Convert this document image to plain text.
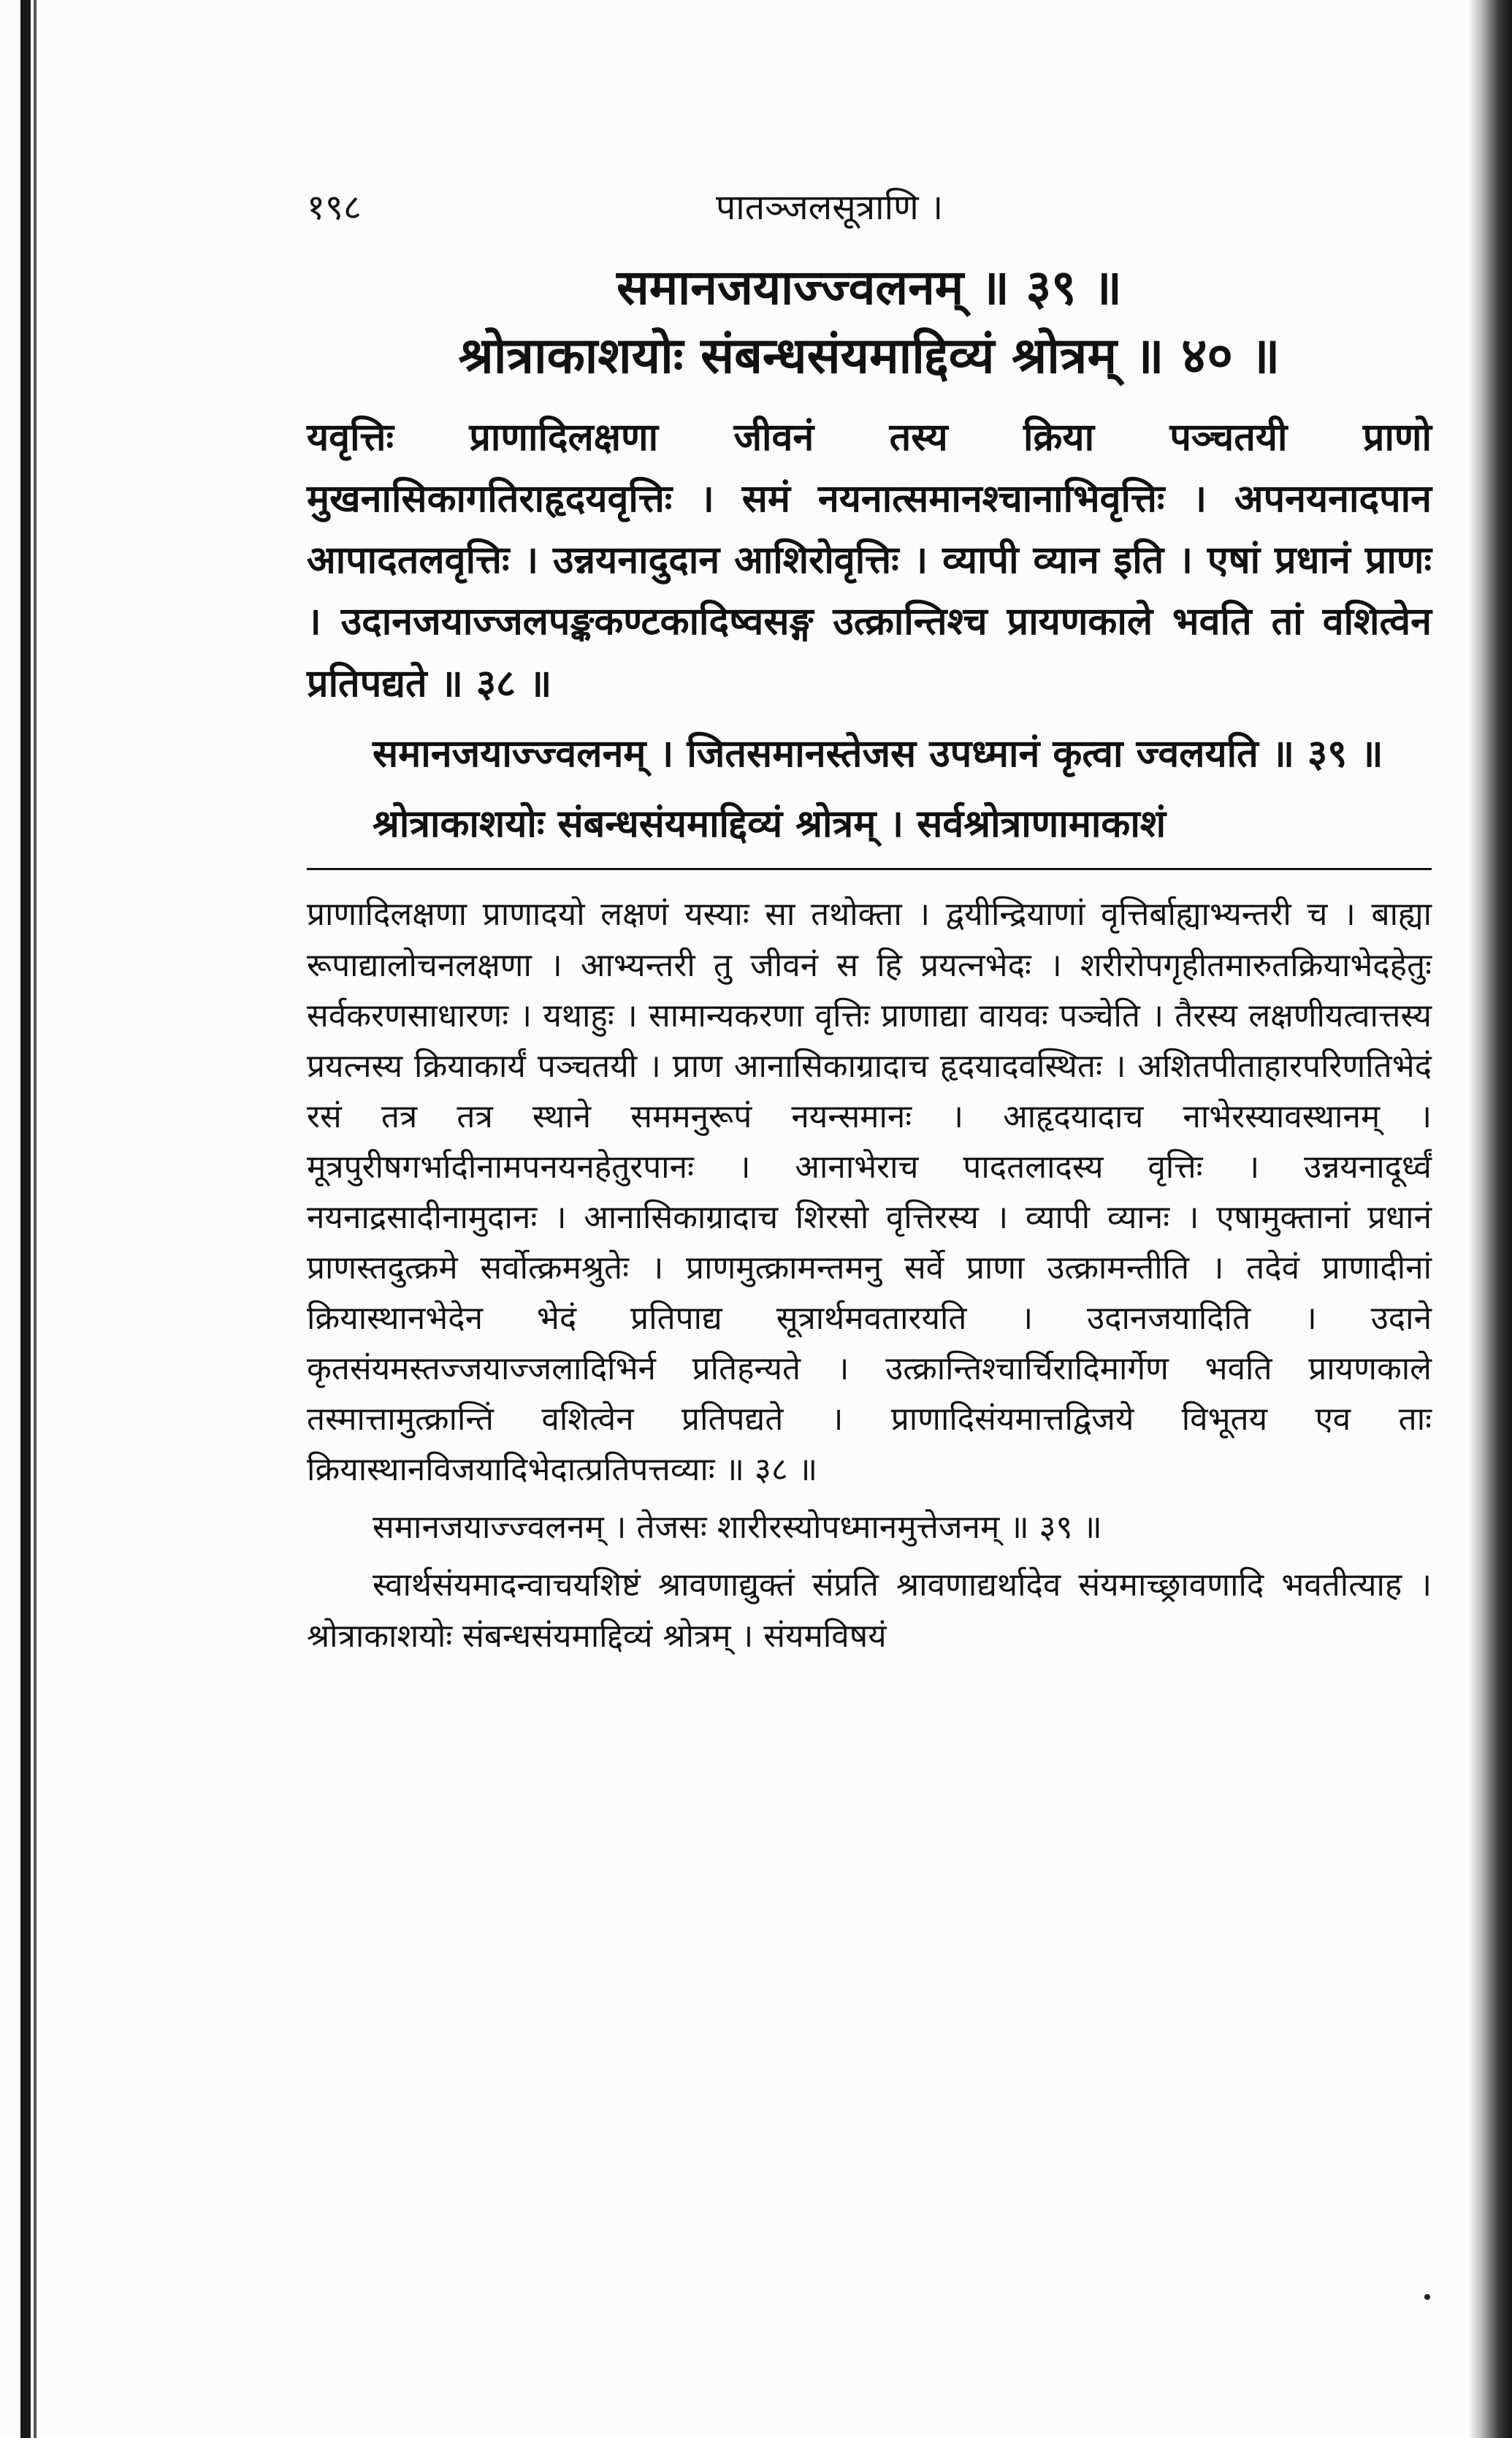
१९८	पातञ्जलसूत्राणि ।
समानजयाज्ज्वलनम् ॥ ३९ ॥
श्रोत्राकाशयोः संबन्धसंयमाद्दिव्यं श्रोत्रम् ॥ ४० ॥

यवृत्तिः प्राणादिलक्षणा जीवनं तस्य क्रिया पञ्चतयी प्राणो मुखनासिकागतिराहृदयवृत्तिः । समं नयनात्समानश्चानाभिवृत्तिः । अपनयनादपान आपादतलवृत्तिः । उन्नयनादुदान आशिरोवृत्तिः । व्यापी व्यान इति । एषां प्रधानं प्राणः । उदानजयाज्जलपङ्ककण्टकादिष्वसङ्ग उत्क्रान्तिश्च प्रायणकाले भवति तां वशित्वेन प्रतिपद्यते ॥ ३८ ॥

समानजयाज्ज्वलनम् । जितसमानस्तेजस उपध्मानं कृत्वा ज्वलयति ॥ ३९ ॥

श्रोत्राकाशयोः संबन्धसंयमाद्दिव्यं श्रोत्रम् । सर्वश्रोत्राणामाकाशं

प्राणादिलक्षणा प्राणादयो लक्षणं यस्याः सा तथोक्ता । द्वयीन्द्रियाणां वृत्तिर्बाह्याभ्यन्तरी च । बाह्या रूपाद्यालोचनलक्षणा । आभ्यन्तरी तु जीवनं स हि प्रयत्नभेदः । शरीरोपगृहीतमारुतक्रियाभेदहेतुः सर्वकरणसाधारणः । यथाहुः । सामान्यकरणा वृत्तिः प्राणाद्या वायवः पञ्चेति । तैरस्य लक्षणीयत्वात्तस्य प्रयत्नस्य क्रियाकार्यं पञ्चतयी । प्राण आनासिकाग्रादाच हृदयादवस्थितः । अशितपीताहारपरिणतिभेदं रसं तत्र तत्र स्थाने सममनुरूपं नयन्समानः । आहृदयादाच नाभेरस्यावस्थानम् । मूत्रपुरीषगर्भादीनामपनयनहेतुरपानः । आनाभेराच पादतलादस्य वृत्तिः । उन्नयनादूर्ध्वं नयनाद्रसादीनामुदानः । आनासिकाग्रादाच शिरसो वृत्तिरस्य । व्यापी व्यानः । एषामुक्तानां प्रधानं प्राणस्तदुत्क्रमे सर्वोत्क्रमश्रुतेः । प्राणमुत्क्रामन्तमनु सर्वे प्राणा उत्क्रामन्तीति । तदेवं प्राणादीनां क्रियास्थानभेदेन भेदं प्रतिपाद्य सूत्रार्थमवतारयति । उदानजयादिति । उदाने कृतसंयमस्तज्जयाज्जलादिभिर्न प्रतिहन्यते । उत्क्रान्तिश्चार्चिरादिमार्गेण भवति प्रायणकाले तस्मात्तामुत्क्रान्तिं वशित्वेन प्रतिपद्यते । प्राणादिसंयमात्तद्विजये विभूतय एव ताः क्रियास्थानविजयादिभेदात्प्रतिपत्तव्याः ॥ ३८ ॥

समानजयाज्ज्वलनम् । तेजसः शारीरस्योपध्मानमुत्तेजनम् ॥ ३९ ॥

स्वार्थसंयमादन्वाचयशिष्टं श्रावणाद्युक्तं संप्रति श्रावणाद्यर्थादेव संयमाच्छ्रावणादि भवतीत्याह । श्रोत्राकाशयोः संबन्धसंयमाद्दिव्यं श्रोत्रम् । संयमविषयं
